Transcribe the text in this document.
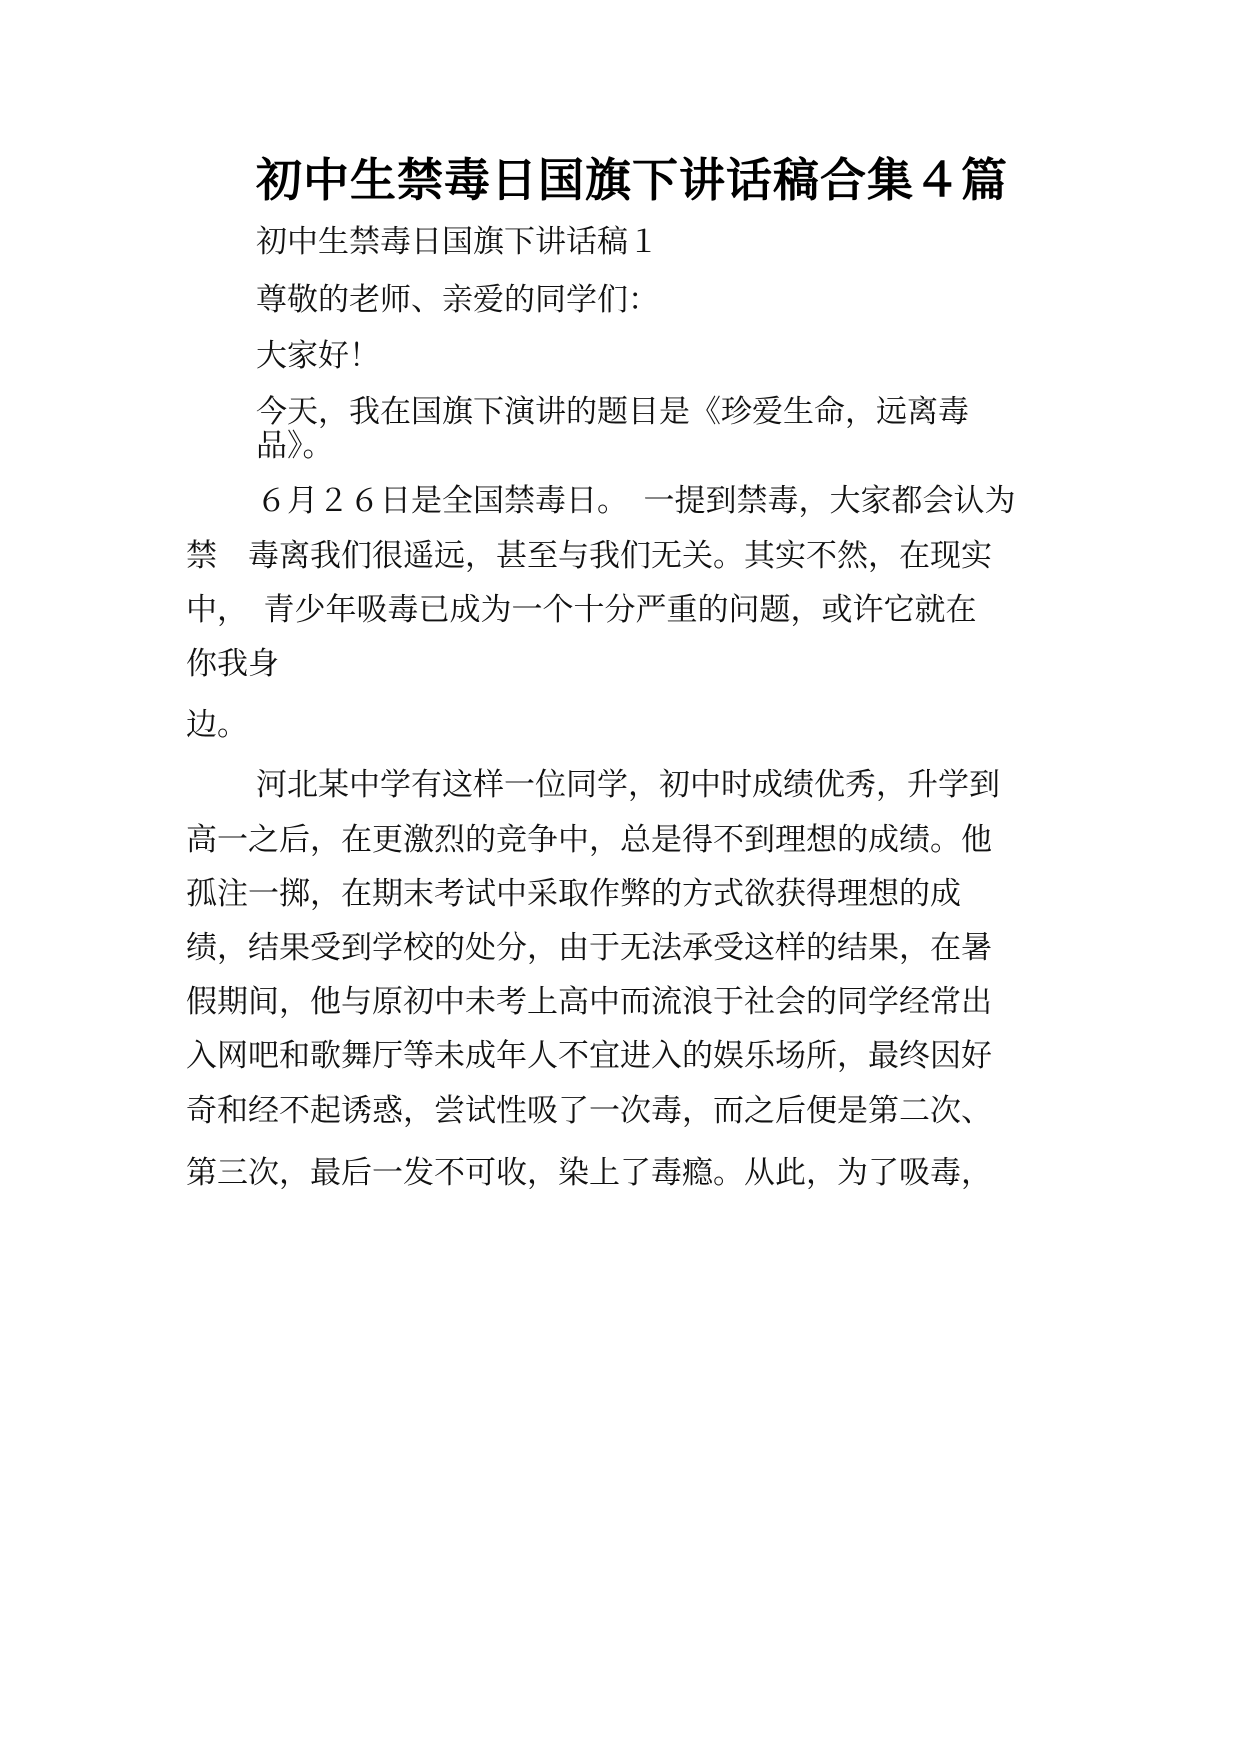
初中生禁毒日国旗下讲话稿合集４篇
初中生禁毒日国旗下讲话稿１
尊敬的老师、亲爱的同学们：
大家好！
今天，我在国旗下演讲的题目是《珍爱生命，远离毒
品》。
６月２６日是全国禁毒日。　一提到禁毒，大家都会认为
禁　毒离我们很遥远，甚至与我们无关。其实不然，在现实
中，　青少年吸毒已成为一个十分严重的问题，或许它就在
你我身
边。
河北某中学有这样一位同学，初中时成绩优秀，升学到
高一之后，在更激烈的竞争中，总是得不到理想的成绩。他
孤注一掷，在期末考试中采取作弊的方式欲获得理想的成
绩，结果受到学校的处分，由于无法承受这样的结果，在暑
假期间，他与原初中未考上高中而流浪于社会的同学经常出
入网吧和歌舞厅等未成年人不宜进入的娱乐场所，最终因好
奇和经不起诱惑，尝试性吸了一次毒，而之后便是第二次、
第三次，最后一发不可收，染上了毒瘾。从此，为了吸毒，
